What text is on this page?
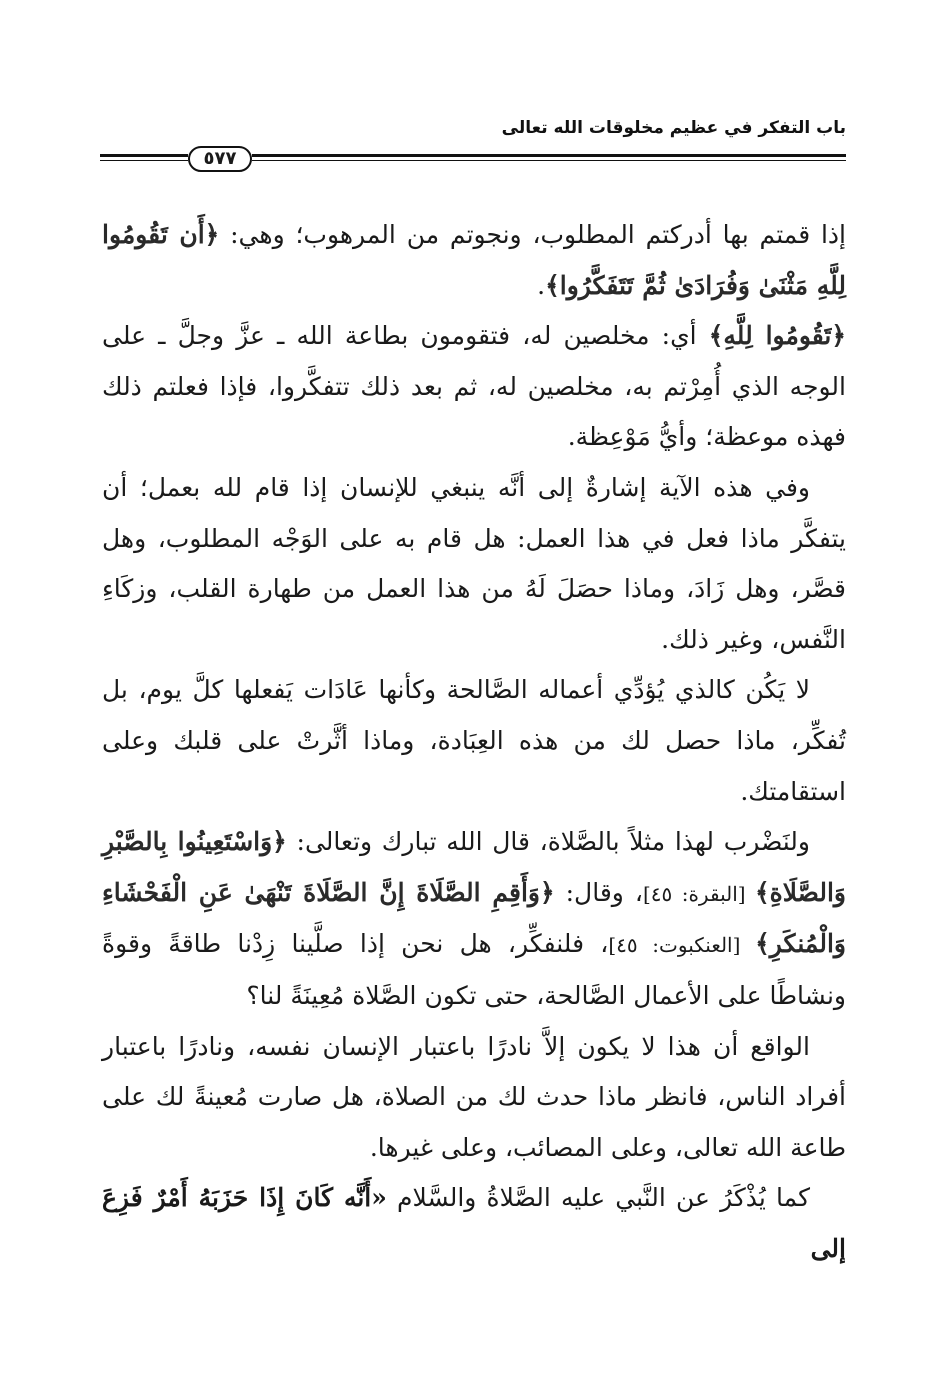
باب التفكر في عظيم مخلوقات الله تعالى
٥٧٧

إذا قمتم بها أدركتم المطلوب، ونجوتم من المرهوب؛ وهي: ﴿أَن تَقُومُوا لِلَّهِ مَثْنَىٰ وَفُرَادَىٰ ثُمَّ تَتَفَكَّرُوا﴾.

﴿تَقُومُوا لِلَّهِ﴾ أي: مخلصين له، فتقومون بطاعة الله ـ عزَّ وجلَّ ـ على الوجه الذي أُمِرْتم به، مخلصين له، ثم بعد ذلك تتفكَّروا، فإذا فعلتم ذلك فهذه موعظة؛ وأيُّ مَوْعِظة.

وفي هذه الآية إشارةٌ إلى أنَّه ينبغي للإنسان إذا قام لله بعمل؛ أن يتفكَّر ماذا فعل في هذا العمل: هل قام به على الوَجْه المطلوب، وهل قصَّر، وهل زَادَ، وماذا حصَلَ لَهُ من هذا العمل من طهارة القلب، وزكَاءِ النَّفس، وغير ذلك.

لا يَكُن كالذي يُؤدِّي أعماله الصَّالحة وكأنها عَادَات يَفعلها كلَّ يوم، بل تُفكِّر، ماذا حصل لك من هذه العِبَادة، وماذا أثَّرتْ على قلبك وعلى استقامتك.

ولنَضْرب لهذا مثلاً بالصَّلاة، قال الله تبارك وتعالى: ﴿وَاسْتَعِينُوا بِالصَّبْرِ وَالصَّلَاةِ﴾ [البقرة: ٤٥]، وقال: ﴿وَأَقِمِ الصَّلَاةَ إِنَّ الصَّلَاةَ تَنْهَىٰ عَنِ الْفَحْشَاءِ وَالْمُنكَرِ﴾ [العنكبوت: ٤٥]، فلنفكِّر، هل نحن إذا صلَّينا زِدْنا طاقةً وقوةً ونشاطًا على الأعمال الصَّالحة، حتى تكون الصَّلاة مُعِينَةً لنا؟

الواقع أن هذا لا يكون إلاَّ نادرًا باعتبار الإنسان نفسه، ونادرًا باعتبار أفراد الناس، فانظر ماذا حدث لك من الصلاة، هل صارت مُعينةً لك على طاعة الله تعالى، وعلى المصائب، وعلى غيرها.

كما يُذْكَرُ عن النَّبي عليه الصَّلاةُ والسَّلام «أَنَّه كَانَ إِذَا حَزَبَهُ أَمْرٌ فَزِعَ إلى
